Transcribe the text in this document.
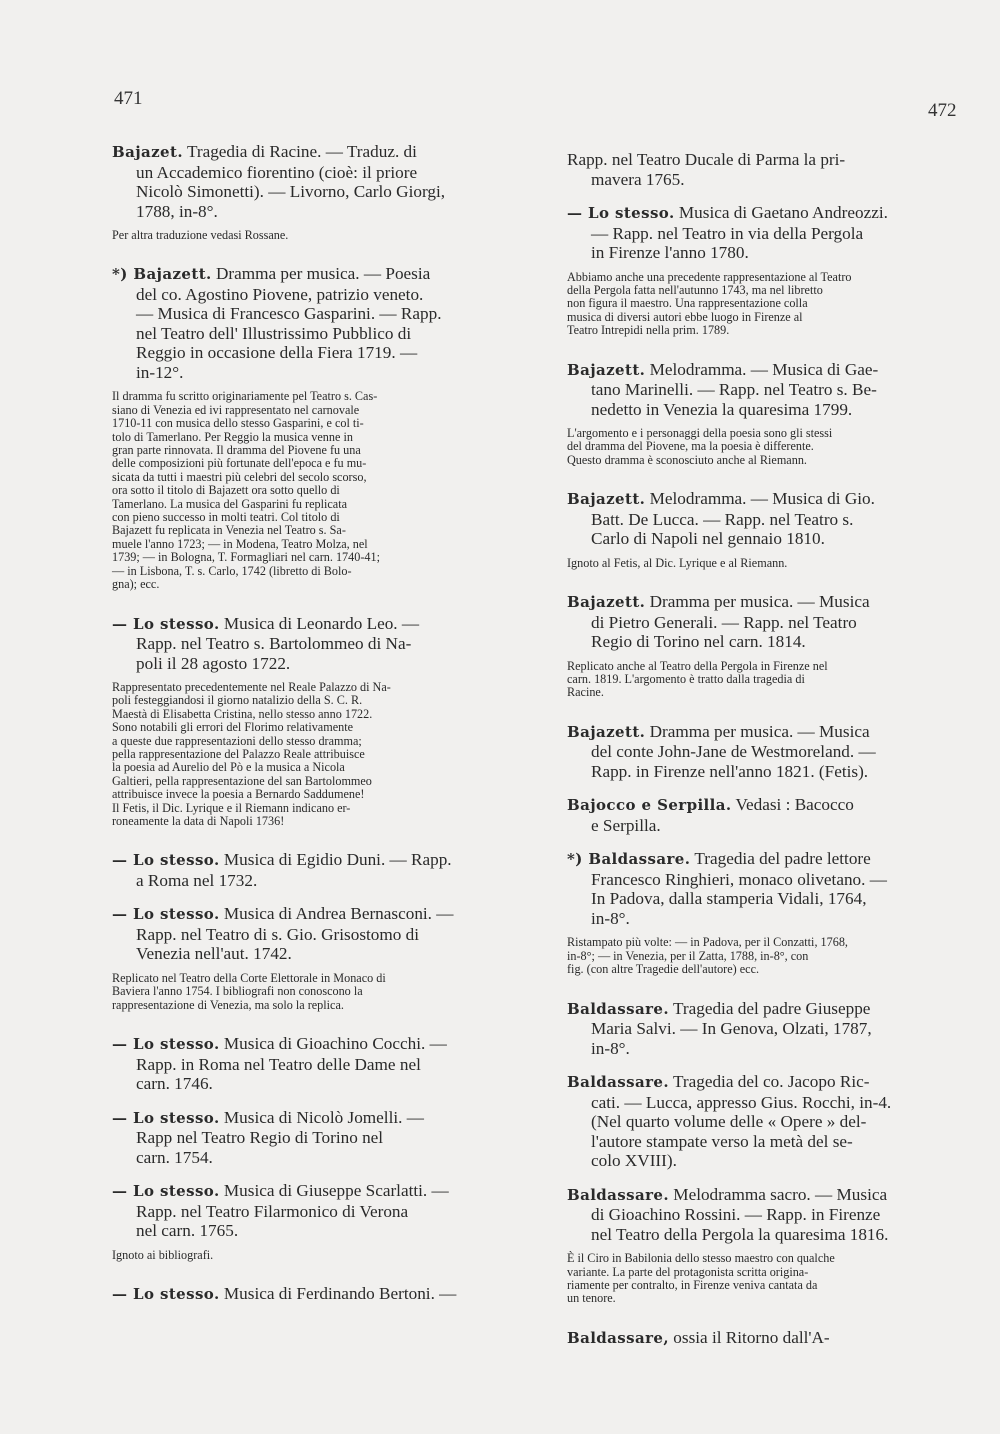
471
472
Bajazet. Tragedia di Racine. — Traduz. di
un Accademico fiorentino (cioè: il priore
Nicolò Simonetti). — Livorno, Carlo Giorgi,
1788, in-8°.
Per altra traduzione vedasi Rossane.
*) Bajazett. Dramma per musica. — Poesia
del co. Agostino Piovene, patrizio veneto.
— Musica di Francesco Gasparini. — Rapp.
nel Teatro dell' Illustrissimo Pubblico di
Reggio in occasione della Fiera 1719. —
in-12°.
Il dramma fu scritto originariamente pel Teatro s. Cas-
siano di Venezia ed ivi rappresentato nel carnovale
1710-11 con musica dello stesso Gasparini, e col ti-
tolo di Tamerlano. Per Reggio la musica venne in
gran parte rinnovata. Il dramma del Piovene fu una
delle composizioni più fortunate dell'epoca e fu mu-
sicata da tutti i maestri più celebri del secolo scorso,
ora sotto il titolo di Bajazett ora sotto quello di
Tamerlano. La musica del Gasparini fu replicata
con pieno successo in molti teatri. Col titolo di
Bajazett fu replicata in Venezia nel Teatro s. Sa-
muele l'anno 1723; — in Modena, Teatro Molza, nel
1739; — in Bologna, T. Formagliari nel carn. 1740-41;
— in Lisbona, T. s. Carlo, 1742 (libretto di Bolo-
gna); ecc.
— Lo stesso. Musica di Leonardo Leo. —
Rapp. nel Teatro s. Bartolommeo di Na-
poli il 28 agosto 1722.
Rappresentato precedentemente nel Reale Palazzo di Na-
poli festeggiandosi il giorno natalizio della S. C. R.
Maestà di Elisabetta Cristina, nello stesso anno 1722.
Sono notabili gli errori del Florimo relativamente
a queste due rappresentazioni dello stesso dramma;
pella rappresentazione del Palazzo Reale attribuisce
la poesia ad Aurelio del Pò e la musica a Nicola
Galtieri, pella rappresentazione del san Bartolommeo
attribuisce invece la poesia a Bernardo Saddumene!
Il Fetis, il Dic. Lyrique e il Riemann indicano er-
roneamente la data di Napoli 1736!
— Lo stesso. Musica di Egidio Duni. — Rapp.
a Roma nel 1732.
— Lo stesso. Musica di Andrea Bernasconi. —
Rapp. nel Teatro di s. Gio. Grisostomo di
Venezia nell'aut. 1742.
Replicato nel Teatro della Corte Elettorale in Monaco di
Baviera l'anno 1754. I bibliografi non conoscono la
rappresentazione di Venezia, ma solo la replica.
— Lo stesso. Musica di Gioachino Cocchi. —
Rapp. in Roma nel Teatro delle Dame nel
carn. 1746.
— Lo stesso. Musica di Nicolò Jomelli. —
Rapp nel Teatro Regio di Torino nel
carn. 1754.
— Lo stesso. Musica di Giuseppe Scarlatti. —
Rapp. nel Teatro Filarmonico di Verona
nel carn. 1765.
Ignoto ai bibliografi.
— Lo stesso. Musica di Ferdinando Bertoni. —
Rapp. nel Teatro Ducale di Parma la pri-
mavera 1765.
— Lo stesso. Musica di Gaetano Andreozzi.
— Rapp. nel Teatro in via della Pergola
in Firenze l'anno 1780.
Abbiamo anche una precedente rappresentazione al Teatro
della Pergola fatta nell'autunno 1743, ma nel libretto
non figura il maestro. Una rappresentazione colla
musica di diversi autori ebbe luogo in Firenze al
Teatro Intrepidi nella prim. 1789.
Bajazett. Melodramma. — Musica di Gae-
tano Marinelli. — Rapp. nel Teatro s. Be-
nedetto in Venezia la quaresima 1799.
L'argomento e i personaggi della poesia sono gli stessi
del dramma del Piovene, ma la poesia è differente.
Questo dramma è sconosciuto anche al Riemann.
Bajazett. Melodramma. — Musica di Gio.
Batt. De Lucca. — Rapp. nel Teatro s.
Carlo di Napoli nel gennaio 1810.
Ignoto al Fetis, al Dic. Lyrique e al Riemann.
Bajazett. Dramma per musica. — Musica
di Pietro Generali. — Rapp. nel Teatro
Regio di Torino nel carn. 1814.
Replicato anche al Teatro della Pergola in Firenze nel
carn. 1819. L'argomento è tratto dalla tragedia di
Racine.
Bajazett. Dramma per musica. — Musica
del conte John-Jane de Westmoreland. —
Rapp. in Firenze nell'anno 1821. (Fetis).
Bajocco e Serpilla. Vedasi : Bacocco
e Serpilla.
*) Baldassare. Tragedia del padre lettore
Francesco Ringhieri, monaco olivetano. —
In Padova, dalla stamperia Vidali, 1764,
in-8°.
Ristampato più volte: — in Padova, per il Conzatti, 1768,
in-8°; — in Venezia, per il Zatta, 1788, in-8°, con
fig. (con altre Tragedie dell'autore) ecc.
Baldassare. Tragedia del padre Giuseppe
Maria Salvi. — In Genova, Olzati, 1787,
in-8°.
Baldassare. Tragedia del co. Jacopo Ric-
cati. — Lucca, appresso Gius. Rocchi, in-4.
(Nel quarto volume delle « Opere » del-
l'autore stampate verso la metà del se-
colo XVIII).
Baldassare. Melodramma sacro. — Musica
di Gioachino Rossini. — Rapp. in Firenze
nel Teatro della Pergola la quaresima 1816.
È il Ciro in Babilonia dello stesso maestro con qualche
variante. La parte del protagonista scritta origina-
riamente per contralto, in Firenze veniva cantata da
un tenore.
Baldassare, ossia il Ritorno dall'A-
